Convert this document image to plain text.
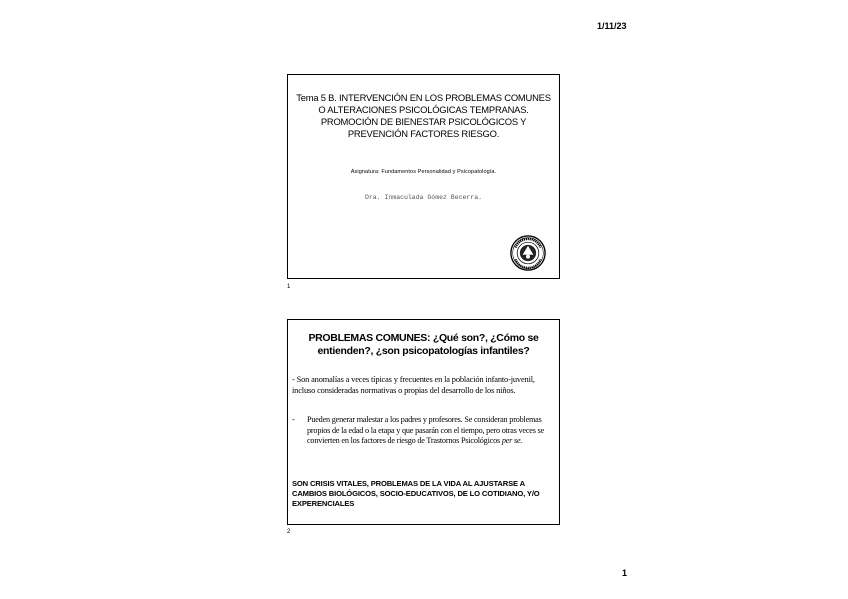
1/11/23
Tema 5 B. INTERVENCIÓN EN LOS PROBLEMAS COMUNES O ALTERACIONES PSICOLÓGICAS TEMPRANAS. PROMOCIÓN DE BIENESTAR PSICOLÓGICOS Y PREVENCIÓN FACTORES RIESGO.
Asignatura: Fundamentos Personalidad y Psicopatología.
Dra. Inmaculada Gómez Becerra.
1
PROBLEMAS COMUNES: ¿Qué son?, ¿Cómo se entienden?, ¿son psicopatologías infantiles?
- Son anomalías a veces típicas y frecuentes en la población infanto-juvenil, incluso consideradas normativas o propias del desarrollo de los niños.
-	Pueden generar malestar a los padres y profesores. Se consideran problemas propios de la edad o la etapa y que pasarán con el tiempo, pero otras veces se convierten en los factores de riesgo de Trastornos Psicológicos per se.
SON CRISIS VITALES, PROBLEMAS DE LA VIDA AL AJUSTARSE A CAMBIOS BIOLÓGICOS, SOCIO-EDUCATIVOS, DE LO COTIDIANO, Y/O EXPERENCIALES
2
1
